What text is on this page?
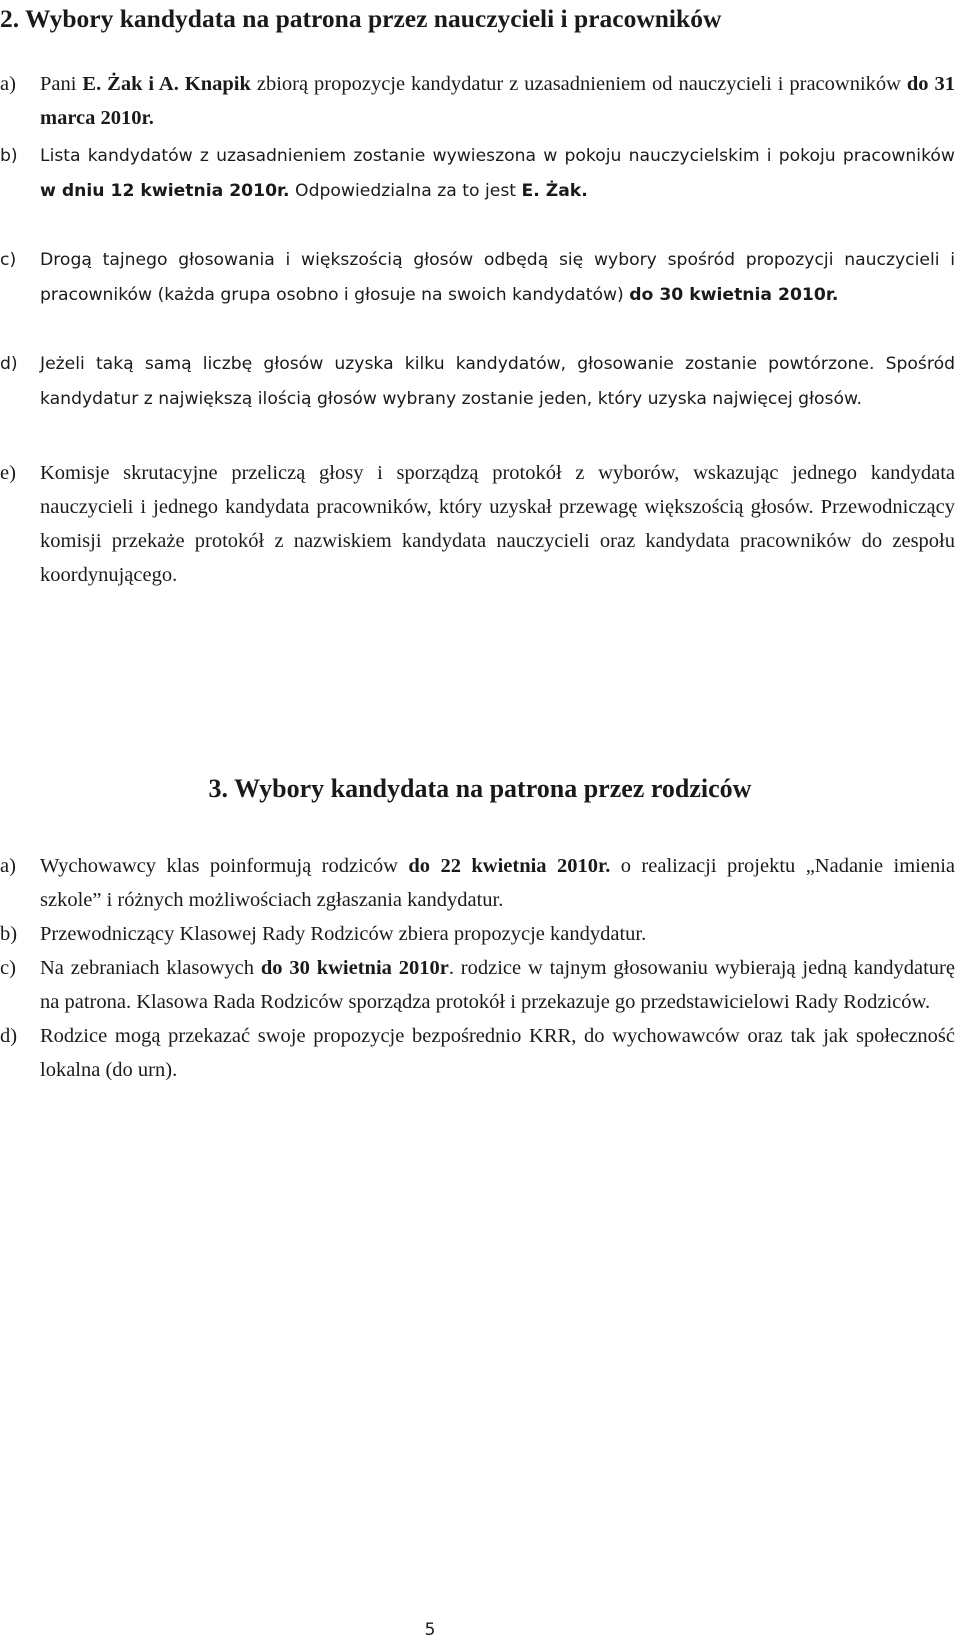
2. Wybory kandydata na patrona przez nauczycieli i pracowników
a) Pani E. Żak i A. Knapik zbiorą propozycje kandydatur z uzasadnieniem od nauczycieli i pracowników do 31 marca 2010r.
b) Lista kandydatów z uzasadnieniem zostanie wywieszona w pokoju nauczycielskim i pokoju pracowników w dniu 12 kwietnia 2010r. Odpowiedzialna za to jest E. Żak.
c) Drogą tajnego głosowania i większością głosów odbędą się wybory spośród propozycji nauczycieli i pracowników (każda grupa osobno i głosuje na swoich kandydatów) do 30 kwietnia 2010r.
d) Jeżeli taką samą liczbę głosów uzyska kilku kandydatów, głosowanie zostanie powtórzone. Spośród kandydatur z największą ilością głosów wybrany zostanie jeden, który uzyska najwięcej głosów.
e) Komisje skrutacyjne przeliczą głosy i sporządzą protokół z wyborów, wskazując jednego kandydata nauczycieli i jednego kandydata pracowników, który uzyskał przewagę większością głosów. Przewodniczący komisji przekaże protokół z nazwiskiem kandydata nauczycieli oraz kandydata pracowników do zespołu koordynującego.
3. Wybory kandydata na patrona przez rodziców
a) Wychowawcy klas poinformują rodziców do 22 kwietnia 2010r. o realizacji projektu „Nadanie imienia szkole” i różnych możliwościach zgłaszania kandydatur.
b) Przewodniczący Klasowej Rady Rodziców zbiera propozycje kandydatur.
c) Na zebraniach klasowych do 30 kwietnia 2010r. rodzice w tajnym głosowaniu wybierają jedną kandydaturę na patrona. Klasowa Rada Rodziców sporządza protokół i przekazuje go przedstawicielowi Rady Rodziców.
d) Rodzice mogą przekazać swoje propozycje bezpośrednio KRR, do wychowawców oraz tak jak społeczność lokalna (do urn).
5
